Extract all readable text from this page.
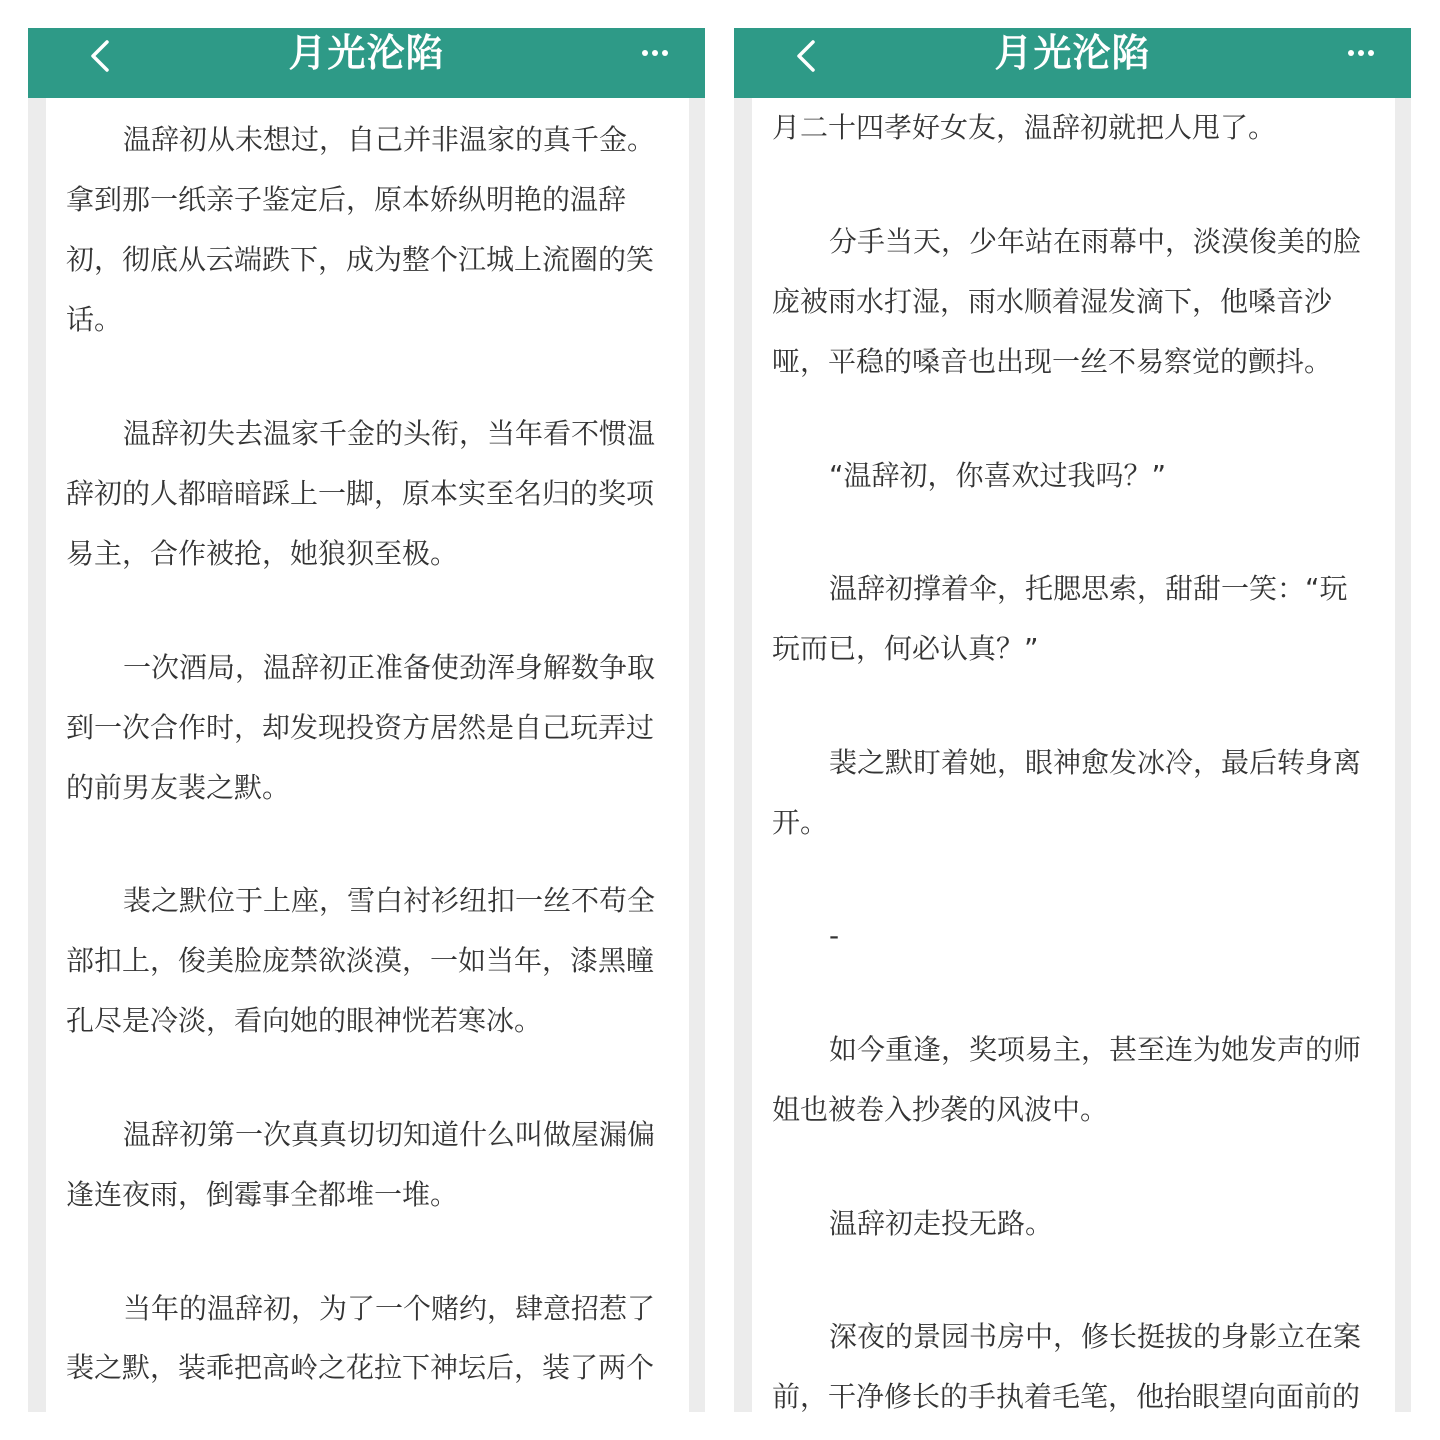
月光沦陷
温辞初从未想过，自己并非温家的真千金。
拿到那一纸亲子鉴定后，原本娇纵明艳的温辞
初，彻底从云端跌下，成为整个江城上流圈的笑
话。
温辞初失去温家千金的头衔，当年看不惯温
辞初的人都暗暗踩上一脚，原本实至名归的奖项
易主，合作被抢，她狼狈至极。
一次酒局，温辞初正准备使劲浑身解数争取
到一次合作时，却发现投资方居然是自己玩弄过
的前男友裴之默。
裴之默位于上座，雪白衬衫纽扣一丝不苟全
部扣上，俊美脸庞禁欲淡漠，一如当年，漆黑瞳
孔尽是冷淡，看向她的眼神恍若寒冰。
温辞初第一次真真切切知道什么叫做屋漏偏
逢连夜雨，倒霉事全都堆一堆。
当年的温辞初，为了一个赌约，肆意招惹了
裴之默，装乖把高岭之花拉下神坛后，装了两个
月光沦陷
月二十四孝好女友，温辞初就把人甩了。
分手当天，少年站在雨幕中，淡漠俊美的脸
庞被雨水打湿，雨水顺着湿发滴下，他嗓音沙
哑，平稳的嗓音也出现一丝不易察觉的颤抖。
“温辞初，你喜欢过我吗？”
温辞初撑着伞，托腮思索，甜甜一笑：“玩
玩而已，何必认真？”
裴之默盯着她，眼神愈发冰冷，最后转身离
开。
-
如今重逢，奖项易主，甚至连为她发声的师
姐也被卷入抄袭的风波中。
温辞初走投无路。
深夜的景园书房中，修长挺拔的身影立在案
前，干净修长的手执着毛笔，他抬眼望向面前的
